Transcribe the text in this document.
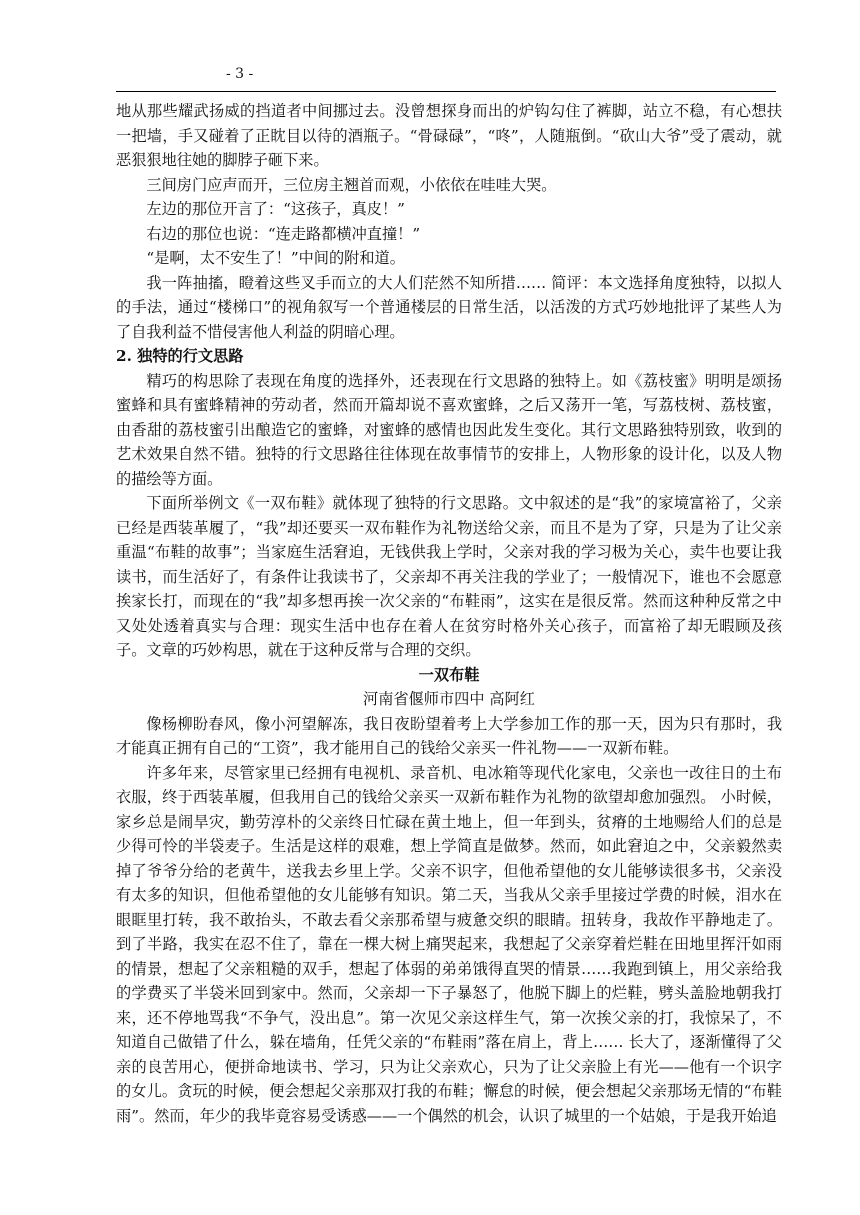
- 3 -

地从那些耀武扬威的挡道者中间挪过去。没曾想探身而出的炉钩勾住了裤脚，站立不稳，有心想扶一把墙，手又碰着了正眈目以待的酒瓶子。“骨碌碌”，“咚”，人随瓶倒。“砍山大爷”受了震动，就恶狠狠地往她的脚脖子砸下来。

三间房门应声而开，三位房主翘首而观，小依依在哇哇大哭。

左边的那位开言了：“这孩子，真皮！”

右边的那位也说：“连走路都横冲直撞！”

“是啊，太不安生了！”中间的附和道。

我一阵抽搐，瞪着这些叉手而立的大人们茫然不知所措…… 简评：本文选择角度独特，以拟人的手法，通过“楼梯口”的视角叙写一个普通楼层的日常生活，以活泼的方式巧妙地批评了某些人为了自我利益不惜侵害他人利益的阴暗心理。

2. 独特的行文思路

精巧的构思除了表现在角度的选择外，还表现在行文思路的独特上。如《荔枝蜜》明明是颂扬蜜蜂和具有蜜蜂精神的劳动者，然而开篇却说不喜欢蜜蜂，之后又荡开一笔，写荔枝树、荔枝蜜，由香甜的荔枝蜜引出酿造它的蜜蜂，对蜜蜂的感情也因此发生变化。其行文思路独特别致，收到的艺术效果自然不错。独特的行文思路往往体现在故事情节的安排上，人物形象的设计化，以及人物的描绘等方面。

下面所举例文《一双布鞋》就体现了独特的行文思路。文中叙述的是“我”的家境富裕了，父亲已经是西装革履了，“我”却还要买一双布鞋作为礼物送给父亲，而且不是为了穿，只是为了让父亲重温“布鞋的故事”；当家庭生活窘迫，无钱供我上学时，父亲对我的学习极为关心，卖牛也要让我读书，而生活好了，有条件让我读书了，父亲却不再关注我的学业了；一般情况下，谁也不会愿意挨家长打，而现在的“我”却多想再挨一次父亲的“布鞋雨”，这实在是很反常。然而这种种反常之中又处处透着真实与合理：现实生活中也存在着人在贫穷时格外关心孩子，而富裕了却无暇顾及孩子。文章的巧妙构思，就在于这种反常与合理的交织。

一双布鞋

河南省偃师市四中 高阿红

像杨柳盼春风，像小河望解冻，我日夜盼望着考上大学参加工作的那一天，因为只有那时，我才能真正拥有自己的“工资”，我才能用自己的钱给父亲买一件礼物——一双新布鞋。

许多年来，尽管家里已经拥有电视机、录音机、电冰箱等现代化家电，父亲也一改往日的土布衣服，终于西装革履，但我用自己的钱给父亲买一双新布鞋作为礼物的欲望却愈加强烈。 小时候，家乡总是闹旱灾，勤劳淳朴的父亲终日忙碌在黄土地上，但一年到头，贫瘠的土地赐给人们的总是少得可怜的半袋麦子。生活是这样的艰难，想上学简直是做梦。然而，如此窘迫之中，父亲毅然卖掉了爷爷分给的老黄牛，送我去乡里上学。父亲不识字，但他希望他的女儿能够读很多书，父亲没有太多的知识，但他希望他的女儿能够有知识。第二天，当我从父亲手里接过学费的时候，泪水在眼眶里打转，我不敢抬头，不敢去看父亲那希望与疲惫交织的眼睛。扭转身，我故作平静地走了。到了半路，我实在忍不住了，靠在一棵大树上痛哭起来，我想起了父亲穿着烂鞋在田地里挥汗如雨的情景，想起了父亲粗糙的双手，想起了体弱的弟弟饿得直哭的情景……我跑到镇上，用父亲给我的学费买了半袋米回到家中。然而，父亲却一下子暴怒了，他脱下脚上的烂鞋，劈头盖脸地朝我打来，还不停地骂我“不争气，没出息”。第一次见父亲这样生气，第一次挨父亲的打，我惊呆了，不知道自己做错了什么，躲在墙角，任凭父亲的“布鞋雨”落在肩上，背上…… 长大了，逐渐懂得了父亲的良苦用心，便拼命地读书、学习，只为让父亲欢心，只为了让父亲脸上有光——他有一个识字的女儿。贪玩的时候，便会想起父亲那双打我的布鞋；懈怠的时候，便会想起父亲那场无情的“布鞋雨”。然而，年少的我毕竟容易受诱惑——一个偶然的机会，认识了城里的一个姑娘，于是我开始追
